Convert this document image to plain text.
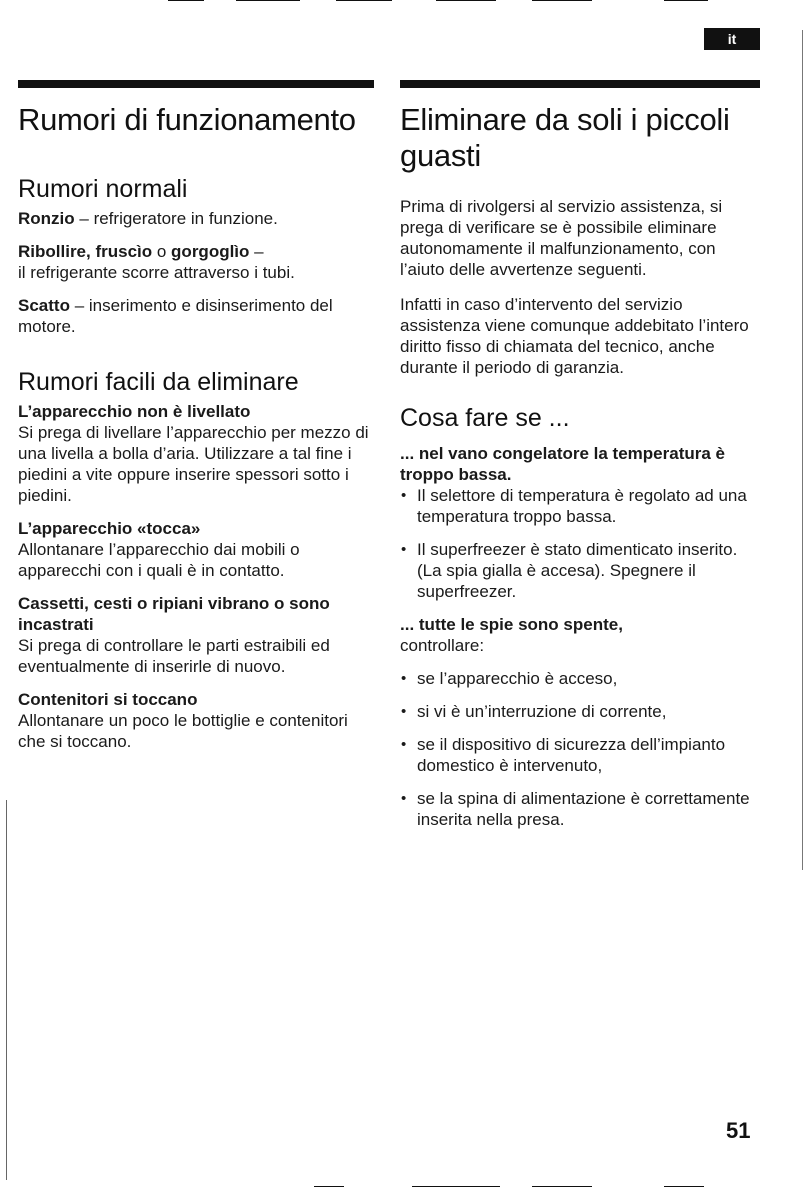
it
Rumori di funzionamento
Rumori normali

Ronzio – refrigeratore in funzione.

Ribollire, fruscìo o gorgoglìo –
il refrigerante scorre attraverso i tubi.

Scatto – inserimento e disinserimento del motore.

Rumori facili da eliminare

L’apparecchio non è livellato

Si prega di livellare l’apparecchio per mezzo di una livella a bolla d’aria. Utilizzare a tal fine i piedini a vite oppure inserire spessori sotto i piedini.

L’apparecchio «tocca»

Allontanare l’apparecchio dai mobili o apparecchi con i quali è in contatto.

Cassetti, cesti o ripiani vibrano o sono incastrati

Si prega di controllare le parti estraibili ed eventualmente di inserirle di nuovo.

Contenitori si toccano

Allontanare un poco le bottiglie e contenitori che si toccano.

Eliminare da soli i piccoli guasti

Prima di rivolgersi al servizio assistenza, si prega di verificare se è possibile eliminare autonomamente il malfunzionamento, con l’aiuto delle avvertenze seguenti.

Infatti in caso d’intervento del servizio assistenza viene comunque addebitato l’intero diritto fisso di chiamata del tecnico, anche durante il periodo di garanzia.

Cosa fare se ...

... nel vano congelatore la temperatura è troppo bassa.

• Il selettore di temperatura è regolato ad una temperatura troppo bassa.
• Il superfreezer è stato dimenticato inserito. (La spia gialla è accesa). Spegnere il superfreezer.

... tutte le spie sono spente,

controllare:

• se l’apparecchio è acceso,
• si vi è un’interruzione di corrente,
• se il dispositivo di sicurezza dell’impianto domestico è intervenuto,
• se la spina di alimentazione è correttamente inserita nella presa.
51
